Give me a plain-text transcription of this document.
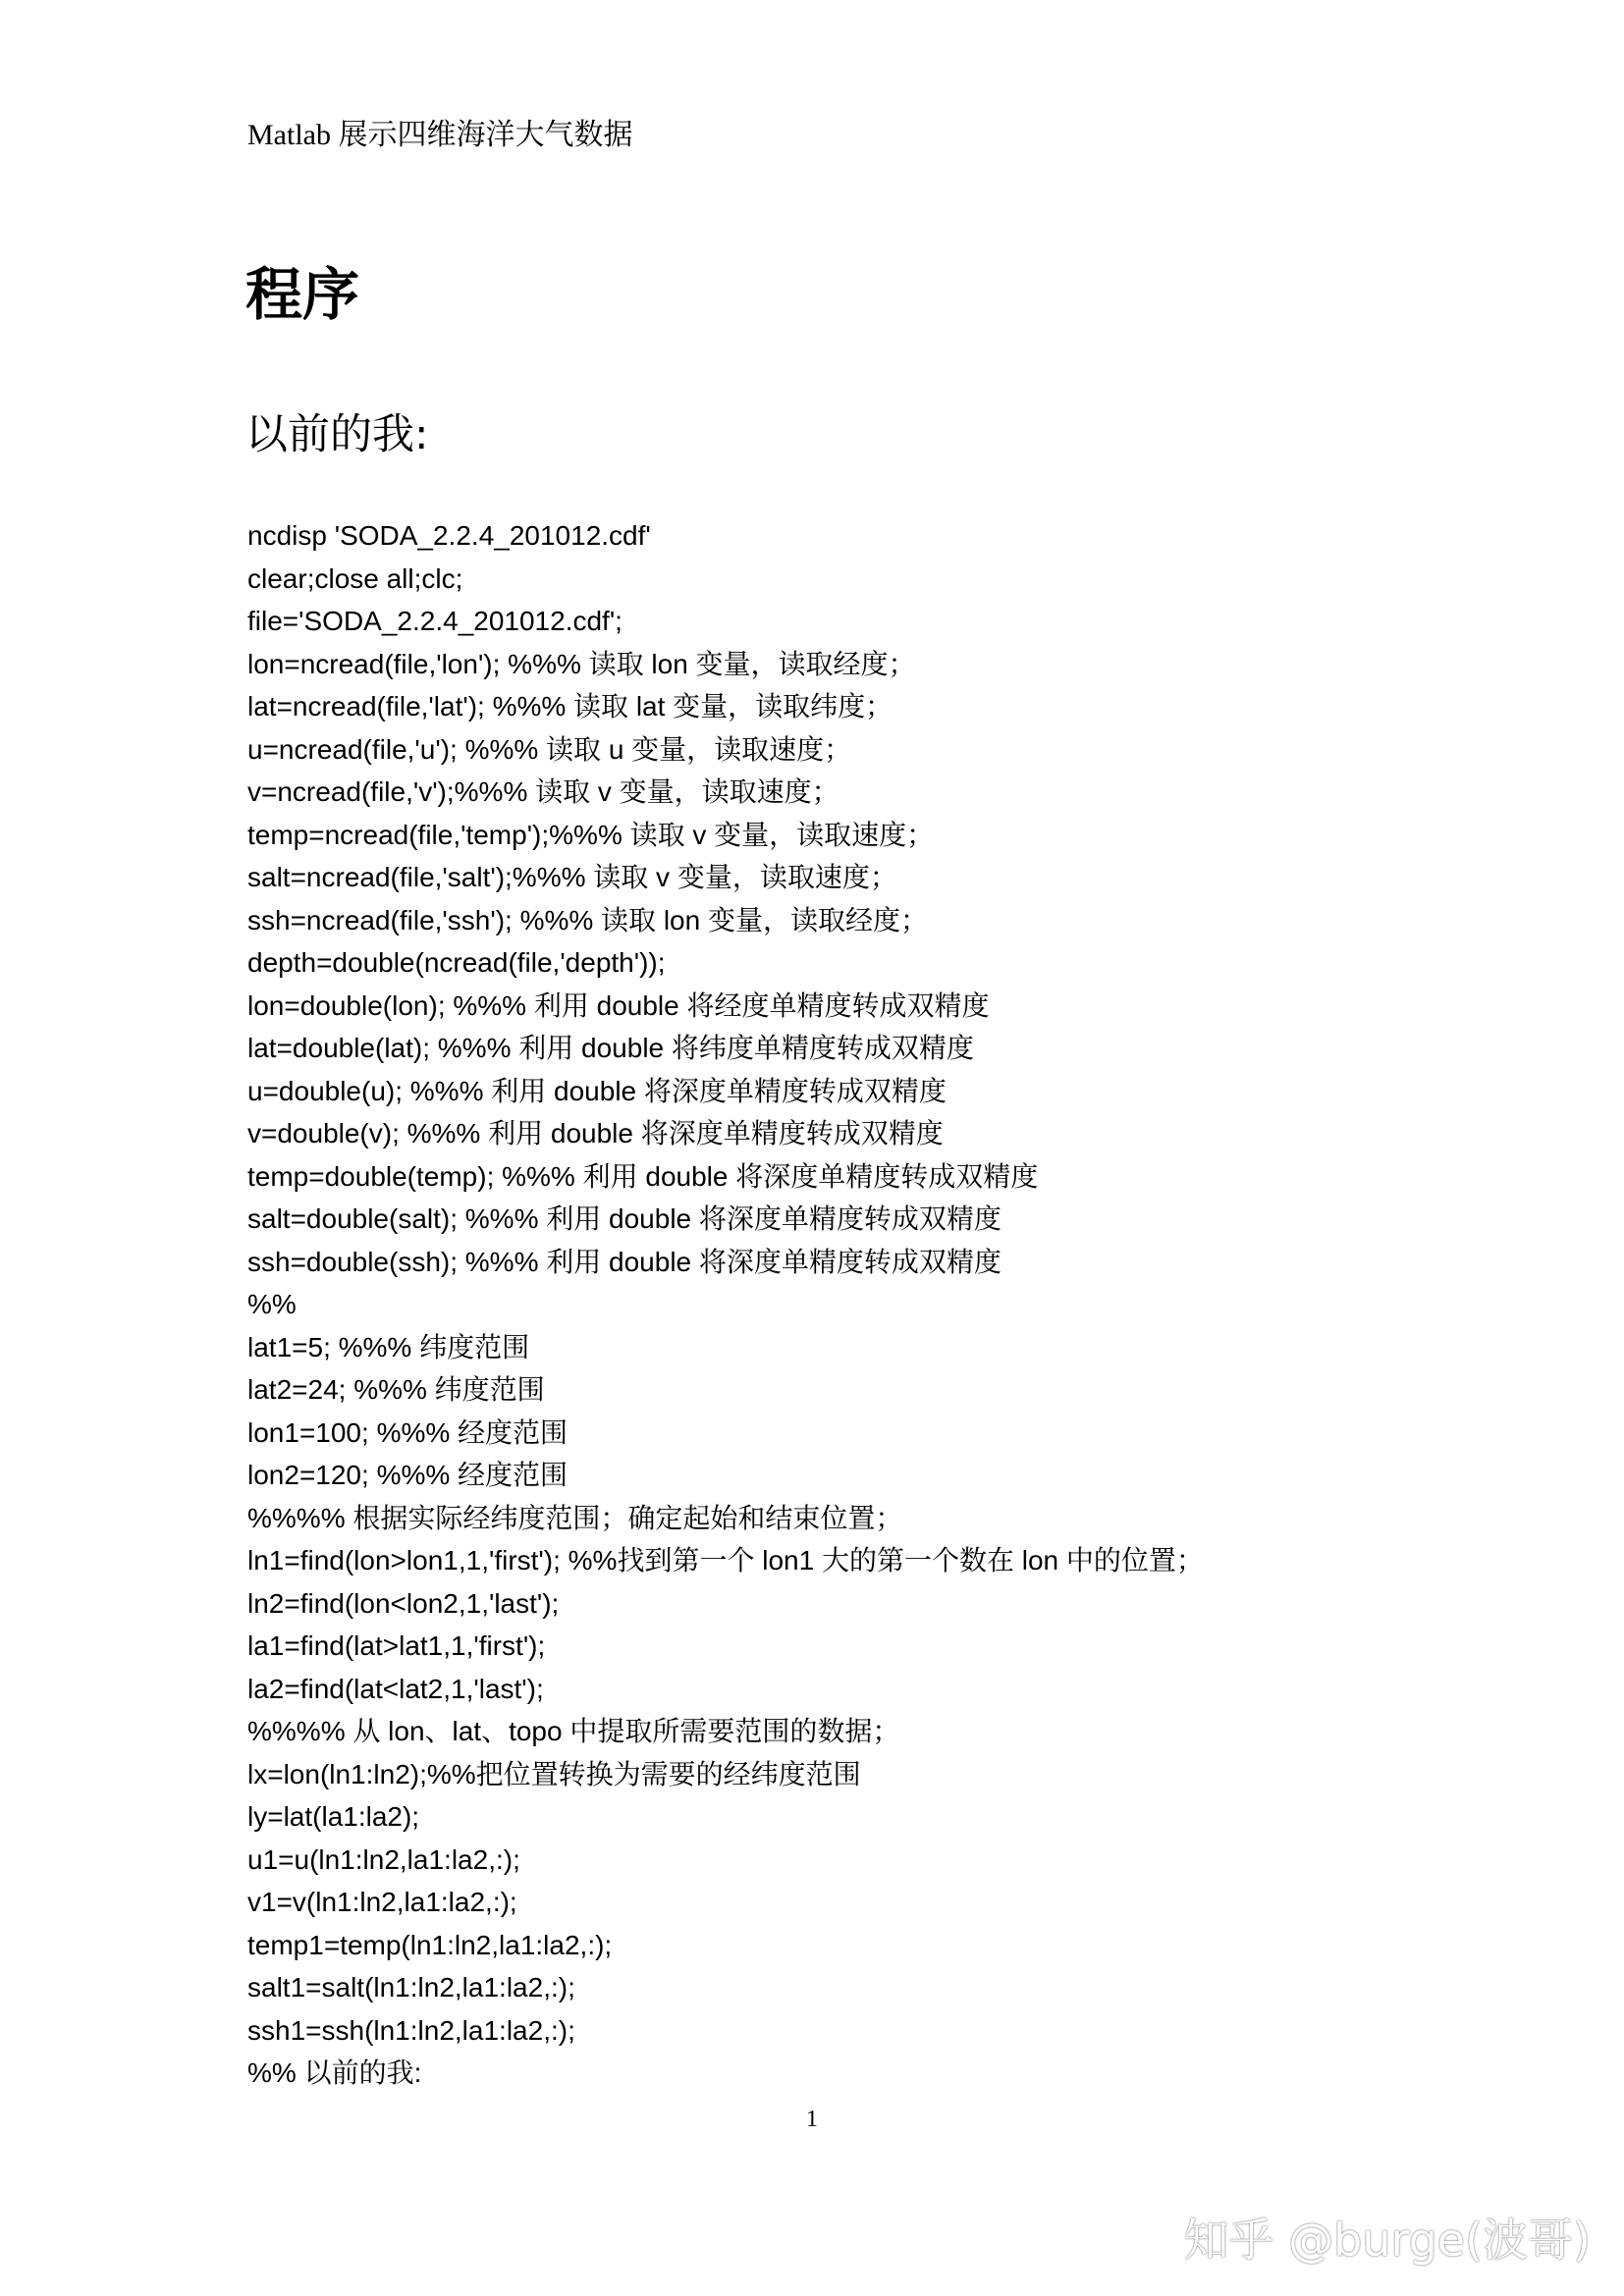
Matlab 展示四维海洋大气数据
程序
以前的我:
ncdisp 'SODA_2.2.4_201012.cdf'
clear;close all;clc;
file='SODA_2.2.4_201012.cdf';
lon=ncread(file,'lon'); %%% 读取 lon 变量，读取经度；
lat=ncread(file,'lat'); %%% 读取 lat 变量，读取纬度；
u=ncread(file,'u'); %%% 读取 u 变量，读取速度；
v=ncread(file,'v');%%% 读取 v 变量，读取速度；
temp=ncread(file,'temp');%%% 读取 v 变量，读取速度；
salt=ncread(file,'salt');%%% 读取 v 变量，读取速度；
ssh=ncread(file,'ssh'); %%% 读取 lon 变量，读取经度；
depth=double(ncread(file,'depth'));
lon=double(lon); %%% 利用 double 将经度单精度转成双精度
lat=double(lat); %%% 利用 double 将纬度单精度转成双精度
u=double(u); %%% 利用 double 将深度单精度转成双精度
v=double(v); %%% 利用 double 将深度单精度转成双精度
temp=double(temp); %%% 利用 double 将深度单精度转成双精度
salt=double(salt); %%% 利用 double 将深度单精度转成双精度
ssh=double(ssh); %%% 利用 double 将深度单精度转成双精度
%%
lat1=5; %%% 纬度范围
lat2=24; %%% 纬度范围
lon1=100; %%% 经度范围
lon2=120; %%% 经度范围
%%%% 根据实际经纬度范围；确定起始和结束位置；
ln1=find(lon>lon1,1,'first'); %%找到第一个 lon1 大的第一个数在 lon 中的位置；
ln2=find(lon<lon2,1,'last');
la1=find(lat>lat1,1,'first');
la2=find(lat<lat2,1,'last');
%%%% 从 lon、lat、topo 中提取所需要范围的数据；
lx=lon(ln1:ln2);%%把位置转换为需要的经纬度范围
ly=lat(la1:la2);
u1=u(ln1:ln2,la1:la2,:);
v1=v(ln1:ln2,la1:la2,:);
temp1=temp(ln1:ln2,la1:la2,:);
salt1=salt(ln1:ln2,la1:la2,:);
ssh1=ssh(ln1:ln2,la1:la2,:);
%% 以前的我:
1
知乎 @burge(波哥)
